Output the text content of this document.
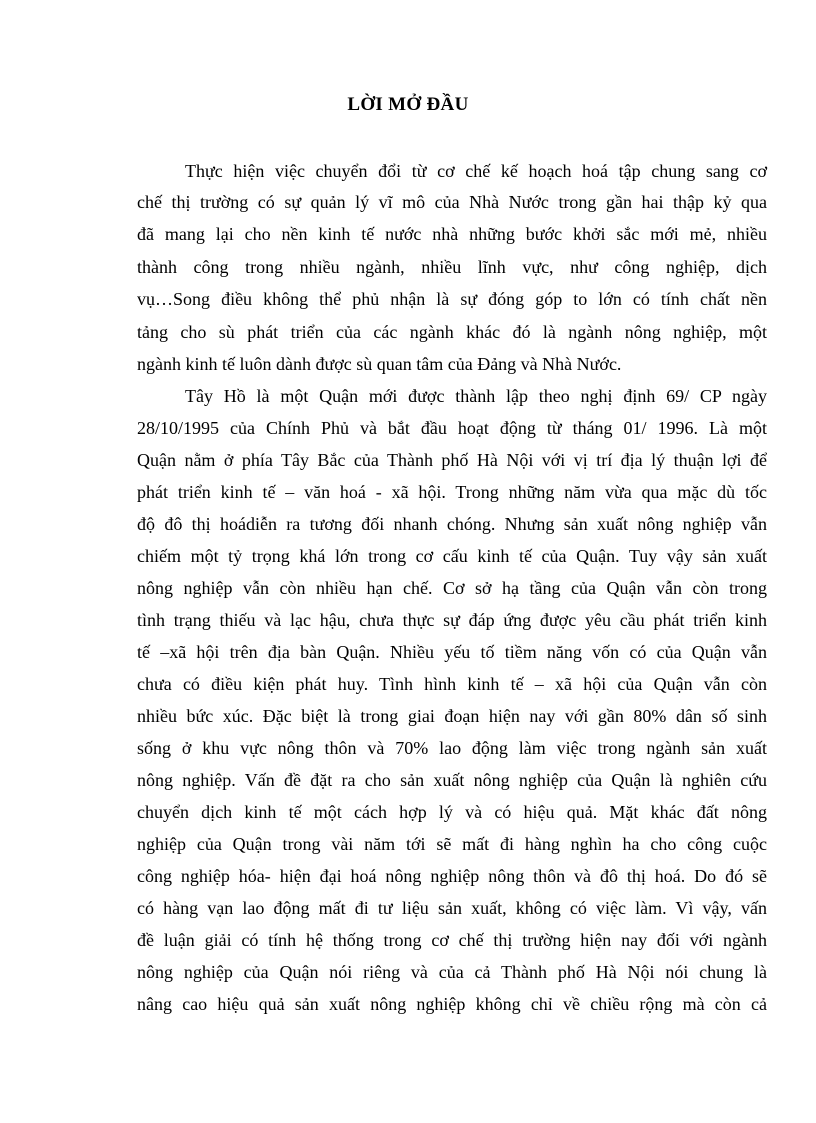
LỜI MỞ ĐẦU
Thực hiện việc chuyển đổi từ cơ chế kế hoạch hoá tập chung sang cơ
chế thị trường có sự quản lý vĩ mô của Nhà Nước trong gần hai thập kỷ qua
đã mang lại cho nền kinh tế nước nhà những bước khởi sắc mới mẻ, nhiều
thành công trong nhiều ngành, nhiều lĩnh vực, như công nghiệp, dịch
vụ…Song điều không thể phủ nhận là sự đóng góp to lớn có tính chất nền
tảng cho sù phát triển của các ngành khác đó là ngành nông nghiệp, một
ngành kinh tế luôn dành được sù quan tâm của Đảng và Nhà Nước.
Tây Hồ là một Quận mới được thành lập theo nghị định 69/ CP ngày
28/10/1995 của Chính Phủ và bắt đầu hoạt động từ tháng 01/ 1996. Là một
Quận nằm ở phía Tây Bắc của Thành phố Hà Nội với vị trí địa lý thuận lợi để
phát triển kinh tế – văn hoá - xã hội. Trong những năm vừa qua mặc dù tốc
độ đô thị hoádiễn ra tương đối nhanh chóng. Nhưng sản xuất nông nghiệp vẫn
chiếm một tỷ trọng khá lớn trong cơ cấu kinh tế của Quận. Tuy vậy sản xuất
nông nghiệp vẫn còn nhiều hạn chế. Cơ sở hạ tầng của Quận vẫn còn trong
tình trạng thiếu và lạc hậu, chưa thực sự đáp ứng được yêu cầu phát triển kinh
tế –xã hội trên địa bàn Quận. Nhiều yếu tố tiềm năng vốn có của Quận vẫn
chưa có điều kiện phát huy. Tình hình kinh tế – xã hội của Quận vẫn còn
nhiều bức xúc. Đặc biệt là trong giai đoạn hiện nay với gần 80% dân số sinh
sống ở khu vực nông thôn và 70% lao động làm việc trong ngành sản xuất
nông nghiệp. Vấn đề đặt ra cho sản xuất nông nghiệp của Quận là nghiên cứu
chuyển dịch kinh tế một cách hợp lý và có hiệu quả. Mặt khác đất nông
nghiệp của Quận trong vài năm tới sẽ mất đi hàng nghìn ha cho công cuộc
công nghiệp hóa- hiện đại hoá nông nghiệp nông thôn và đô thị hoá. Do đó sẽ
có hàng vạn lao động mất đi tư liệu sản xuất, không có việc làm. Vì vậy, vấn
đề luận giải có tính hệ thống trong cơ chế thị trường hiện nay đối với ngành
nông nghiệp của Quận nói riêng và của cả Thành phố Hà Nội nói chung là
nâng cao hiệu quả sản xuất nông nghiệp không chỉ về chiều rộng mà còn cả
